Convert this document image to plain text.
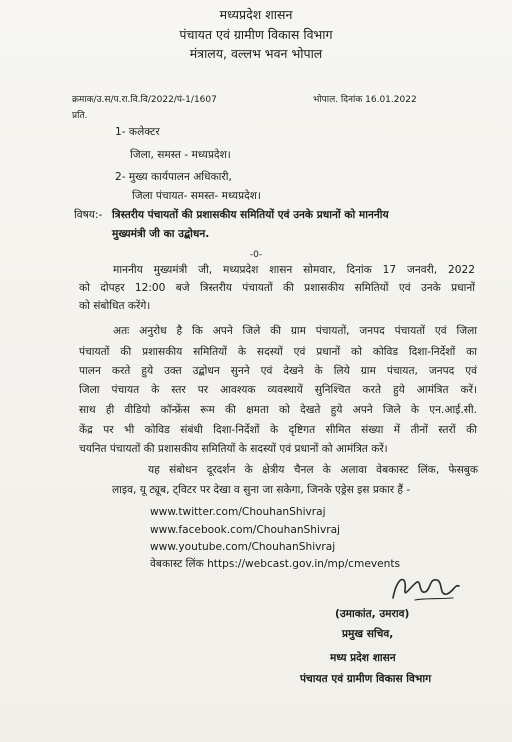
मध्यप्रदेश शासन
पंचायत एवं ग्रामीण विकास विभाग
मंत्रालय, वल्लभ भवन भोपाल
क्रमाक/उ.स/प.रा.वि.वि/2022/पं-1/1607	भोपाल. दिनांक 16.01.2022
प्रति.
1- कलेक्टर
जिला, समस्त - मध्यप्रदेश।
2- मुख्य कार्यपालन अधिकारी,
जिला पंचायत- समस्त- मध्यप्रदेश।
विषय:- त्रिस्तरीय पंचायतों की प्रशासकीय समितियों एवं उनके प्रधानों को माननीय
मुख्यमंत्री जी का उद्बोधन.
-0-
माननीय मुख्यमंत्री जी, मध्यप्रदेश शासन सोमवार, दिनांक 17 जनवरी, 2022
को दोपहर 12:00 बजे त्रिस्तरीय पंचायतों की प्रशासकीय समितियों एवं उनके प्रधानों
को संबोधित करेंगे।
अतः अनुरोध है कि अपने जिले की ग्राम पंचायतों, जनपद पंचायतों एवं जिला
पंचायतों की प्रशासकीय समितियों के सदस्यों एवं प्रधानों को कोविड दिशा-निर्देशों का
पालन करते हुये उक्त उद्बोधन सुनने एवं देखने के लिये ग्राम पंचायत, जनपद एवं
जिला पंचायत के स्तर पर आवश्यक व्यवस्थायें सुनिश्चित करते हुये आमंत्रित करें।
साथ ही वीडियो कॉन्फ्रेंस रूम की क्षमता को देखते हुये अपने जिले के एन.आई.सी.
केंद्र पर भी कोविड संबंधी दिशा-निर्देशों के दृष्टिगत सीमित संख्या में तीनों स्तरों की
चयनित पंचायतों की प्रशासकीय समितियों के सदस्यों एवं प्रधानों को आमंत्रित करें।
यह संबोधन दूरदर्शन के क्षेत्रीय चैनल के अलावा वेबकास्ट लिंक, फेसबुक
लाइव, यू ट्यूब, ट्विटर पर देखा व सुना जा सकेगा, जिनके एड्रेस इस प्रकार हैं -
www.twitter.com/ChouhanShivraj
www.facebook.com/ChouhanShivraj
www.youtube.com/ChouhanShivraj
वेबकास्ट लिंक https://webcast.gov.in/mp/cmevents
(उमाकांत, उमराव)
प्रमुख सचिव,
मध्य प्रदेश शासन
पंचायत एवं ग्रामीण विकास विभाग
